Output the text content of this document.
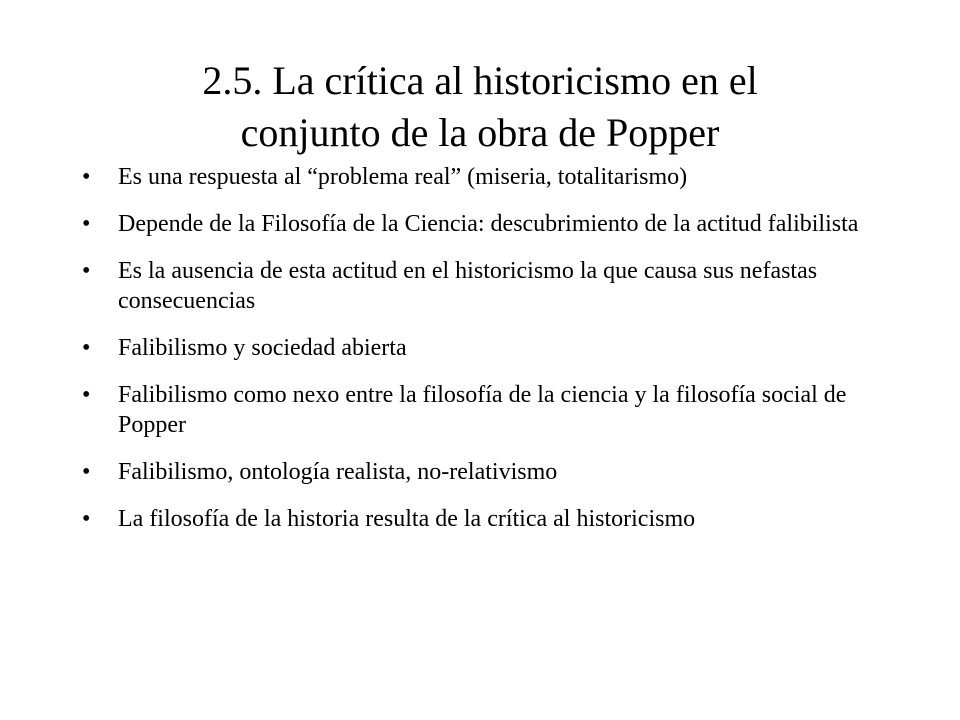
2.5. La crítica al historicismo en el
conjunto de la obra de Popper
• Es una respuesta al “problema real” (miseria, totalitarismo)
• Depende de la Filosofía de la Ciencia: descubrimiento de la actitud falibilista
• Es la ausencia de esta actitud en el historicismo la que causa sus nefastas consecuencias
• Falibilismo y sociedad abierta
• Falibilismo como nexo entre la filosofía de la ciencia y la filosofía social de Popper
• Falibilismo, ontología realista, no-relativismo
• La filosofía de la historia resulta de la crítica al historicismo
